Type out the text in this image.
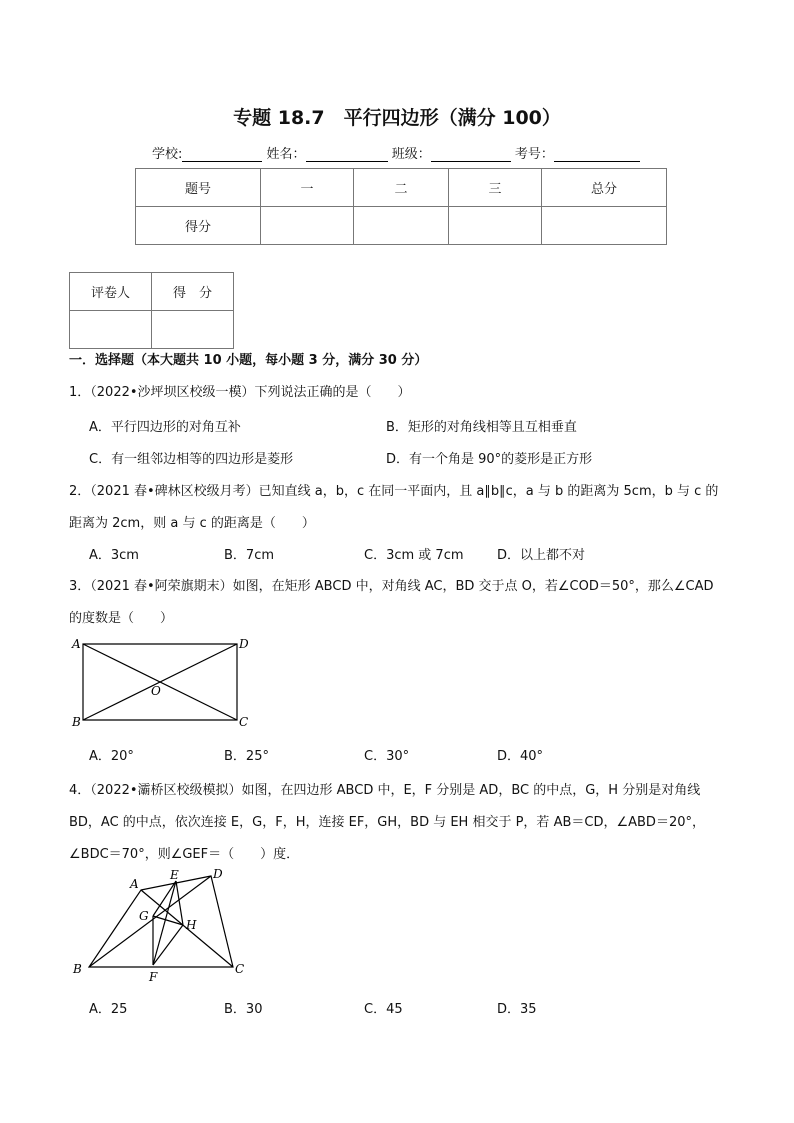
专题 18.7　平行四边形（满分 100）
学校:	姓名：	班级：	考号：
题号	一	二	三	总分
得分				
评卷人	得　分

一．选择题（本大题共 10 小题，每小题 3 分，满分 30 分）
1．（2022•沙坪坝区校级一模）下列说法正确的是（　　）
A．平行四边形的对角互补	B．矩形的对角线相等且互相垂直
C．有一组邻边相等的四边形是菱形	D．有一个角是 90°的菱形是正方形
2．（2021 春•碑林区校级月考）已知直线 a，b，c 在同一平面内，且 a∥b∥c，a 与 b 的距离为 5cm，b 与 c 的距离为 2cm，则 a 与 c 的距离是（　　）
A．3cm	B．7cm	C．3cm 或 7cm	D．以上都不对
3．（2021 春•阿荣旗期末）如图，在矩形 ABCD 中，对角线 AC，BD 交于点 O，若∠COD＝50°，那么∠CAD 的度数是（　　）
A	D
O
B	C
A．20°	B．25°	C．30°	D．40°
4．（2022•灞桥区校级模拟）如图，在四边形 ABCD 中，E，F 分别是 AD，BC 的中点，G，H 分别是对角线 BD，AC 的中点，依次连接 E，G，F，H，连接 EF，GH，BD 与 EH 相交于 P，若 AB＝CD，∠ABD＝20°，∠BDC＝70°，则∠GEF＝（　　）度．
A
E	D
G
H
B
F
C
A．25	B．30	C．45	D．35
